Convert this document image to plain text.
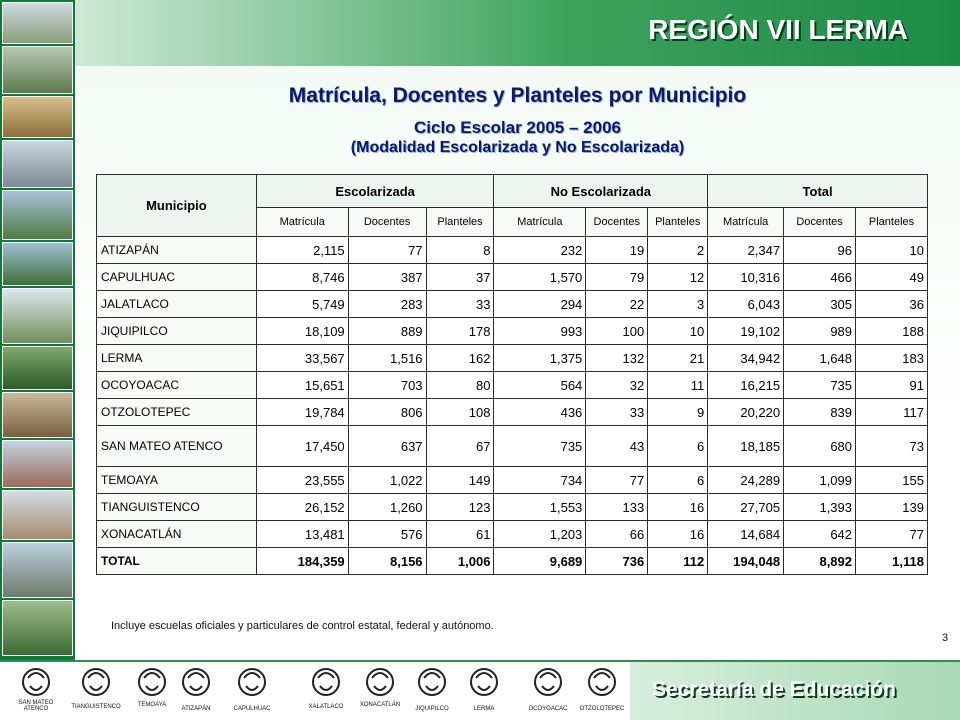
REGIÓN VII LERMA
Matrícula, Docentes y Planteles por Municipio
Ciclo Escolar 2005 – 2006
(Modalidad Escolarizada y No Escolarizada)
Municipio	Escolarizada			No Escolarizada			Total		
	Matrícula	Docentes	Planteles	Matrícula	Docentes	Planteles	Matrícula	Docentes	Planteles
ATIZAPÁN	2,115	77	8	232	19	2	2,347	96	10
CAPULHUAC	8,746	387	37	1,570	79	12	10,316	466	49
JALATLACO	5,749	283	33	294	22	3	6,043	305	36
JIQUIPILCO	18,109	889	178	993	100	10	19,102	989	188
LERMA	33,567	1,516	162	1,375	132	21	34,942	1,648	183
OCOYOACAC	15,651	703	80	564	32	11	16,215	735	91
OTZOLOTEPEC	19,784	806	108	436	33	9	20,220	839	117
SAN MATEO ATENCO	17,450	637	67	735	43	6	18,185	680	73
TEMOAYA	23,555	1,022	149	734	77	6	24,289	1,099	155
TIANGUISTENCO	26,152	1,260	123	1,553	133	16	27,705	1,393	139
XONACATLÁN	13,481	576	61	1,203	66	16	14,684	642	77
TOTAL	184,359	8,156	1,006	9,689	736	112	194,048	8,892	1,118
Incluye escuelas oficiales y particulares de control estatal, federal y autónomo.
3
SAN MATEO ATENCO	TIANGUISTENCO	TEMOAYA
ATIZAPÁN	CAPULHUAC	XALATLACO	XONACATLÁN
JIQUIPILCO	LERMA	OCOYOACAC	OTZOLOTEPEC
Secretaría de Educación
